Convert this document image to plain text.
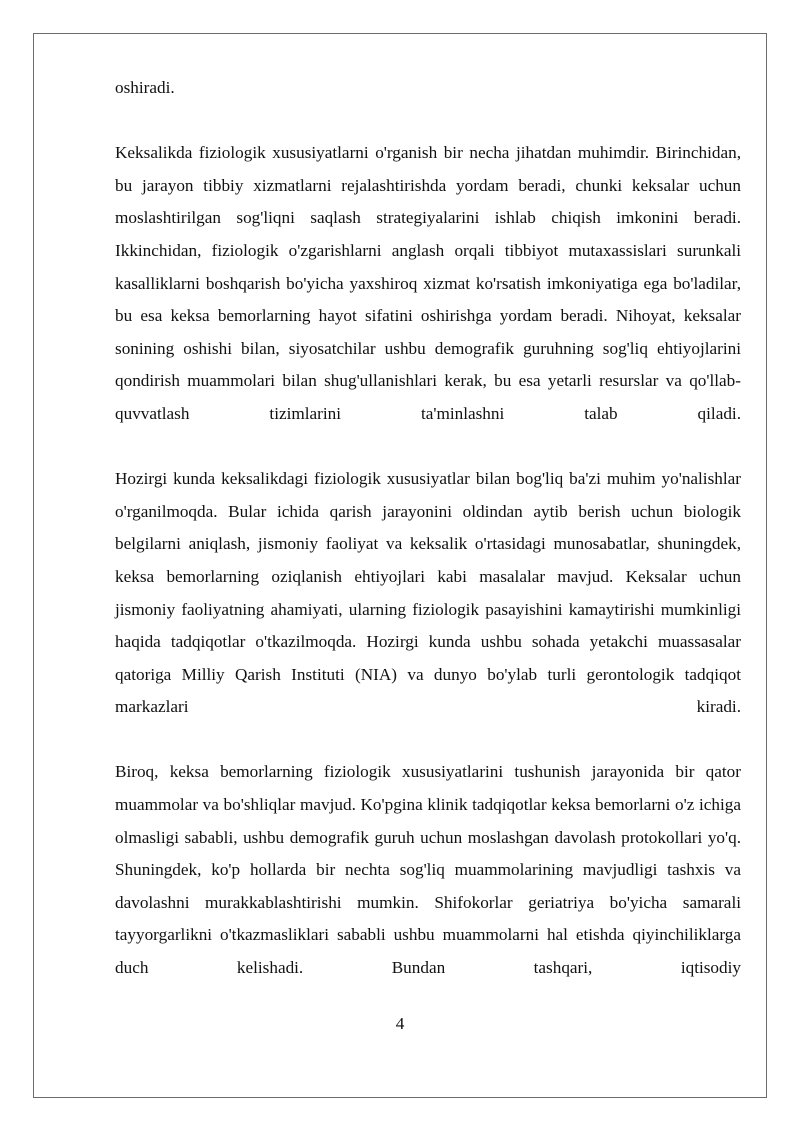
oshiradi.

Keksalikda fiziologik xususiyatlarni o'rganish bir necha jihatdan muhimdir. Birinchidan, bu jarayon tibbiy xizmatlarni rejalashtirishda yordam beradi, chunki keksalar uchun moslashtirilgan sog'liqni saqlash strategiyalarini ishlab chiqish imkonini beradi. Ikkinchidan, fiziologik o'zgarishlarni anglash orqali tibbiyot mutaxassislari surunkali kasalliklarni boshqarish bo'yicha yaxshiroq xizmat ko'rsatish imkoniyatiga ega bo'ladilar, bu esa keksa bemorlarning hayot sifatini oshirishga yordam beradi. Nihoyat, keksalar sonining oshishi bilan, siyosatchilar ushbu demografik guruhning sog'liq ehtiyojlarini qondirish muammolari bilan shug'ullanishlari kerak, bu esa yetarli resurslar va qo'llab-quvvatlash tizimlarini ta'minlashni talab qiladi.

Hozirgi kunda keksalikdagi fiziologik xususiyatlar bilan bog'liq ba'zi muhim yo'nalishlar o'rganilmoqda. Bular ichida qarish jarayonini oldindan aytib berish uchun biologik belgilarni aniqlash, jismoniy faoliyat va keksalik o'rtasidagi munosabatlar, shuningdek, keksa bemorlarning oziqlanish ehtiyojlari kabi masalalar mavjud. Keksalar uchun jismoniy faoliyatning ahamiyati, ularning fiziologik pasayishini kamaytirishi mumkinligi haqida tadqiqotlar o'tkazilmoqda. Hozirgi kunda ushbu sohada yetakchi muassasalar qatoriga Milliy Qarish Instituti (NIA) va dunyo bo'ylab turli gerontologik tadqiqot markazlari kiradi.

Biroq, keksa bemorlarning fiziologik xususiyatlarini tushunish jarayonida bir qator muammolar va bo'shliqlar mavjud. Ko'pgina klinik tadqiqotlar keksa bemorlarni o'z ichiga olmasligi sababli, ushbu demografik guruh uchun moslashgan davolash protokollari yo'q. Shuningdek, ko'p hollarda bir nechta sog'liq muammolarining mavjudligi tashxis va davolashni murakkablashtirishi mumkin. Shifokorlar geriatriya bo'yicha samarali tayyorgarlikni o'tkazmasliklari sababli ushbu muammolarni hal etishda qiyinchiliklarga duch kelishadi. Bundan tashqari, iqtisodiy

4
